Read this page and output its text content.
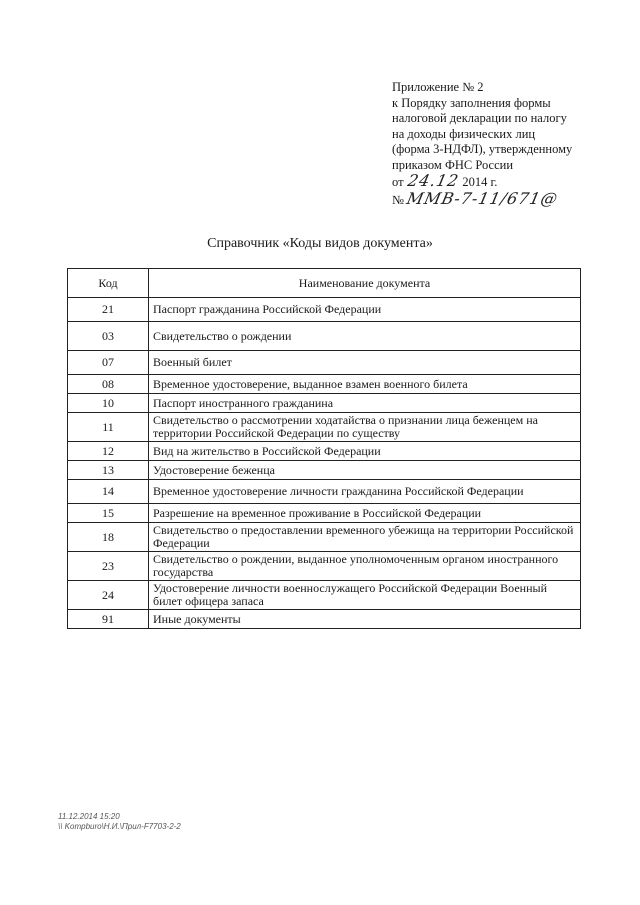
Приложение № 2
к Порядку заполнения формы
налоговой декларации по налогу
на доходы физических лиц
(форма 3-НДФЛ), утвержденному
приказом ФНС России
от 24.12 2014 г.
№ ММВ-7-11/671@
Справочник «Коды видов документа»
Код	Наименование документа
21	Паспорт гражданина Российской Федерации
03	Свидетельство о рождении
07	Военный билет
08	Временное удостоверение, выданное взамен военного билета
10	Паспорт иностранного гражданина
11	Свидетельство о рассмотрении ходатайства о признании лица беженцем на территории Российской Федерации по существу
12	Вид на жительство в Российской Федерации
13	Удостоверение беженца
14	Временное удостоверение личности гражданина Российской Федерации
15	Разрешение на временное проживание в Российской Федерации
18	Свидетельство о предоставлении временного убежища на территории Российской Федерации
23	Свидетельство о рождении, выданное уполномоченным органом иностранного государства
24	Удостоверение личности военнослужащего Российской Федерации Военный билет офицера запаса
91	Иные документы
11.12.2014 15:20
\\ Kompburo\Н.И.\Прил-F7703-2-2
